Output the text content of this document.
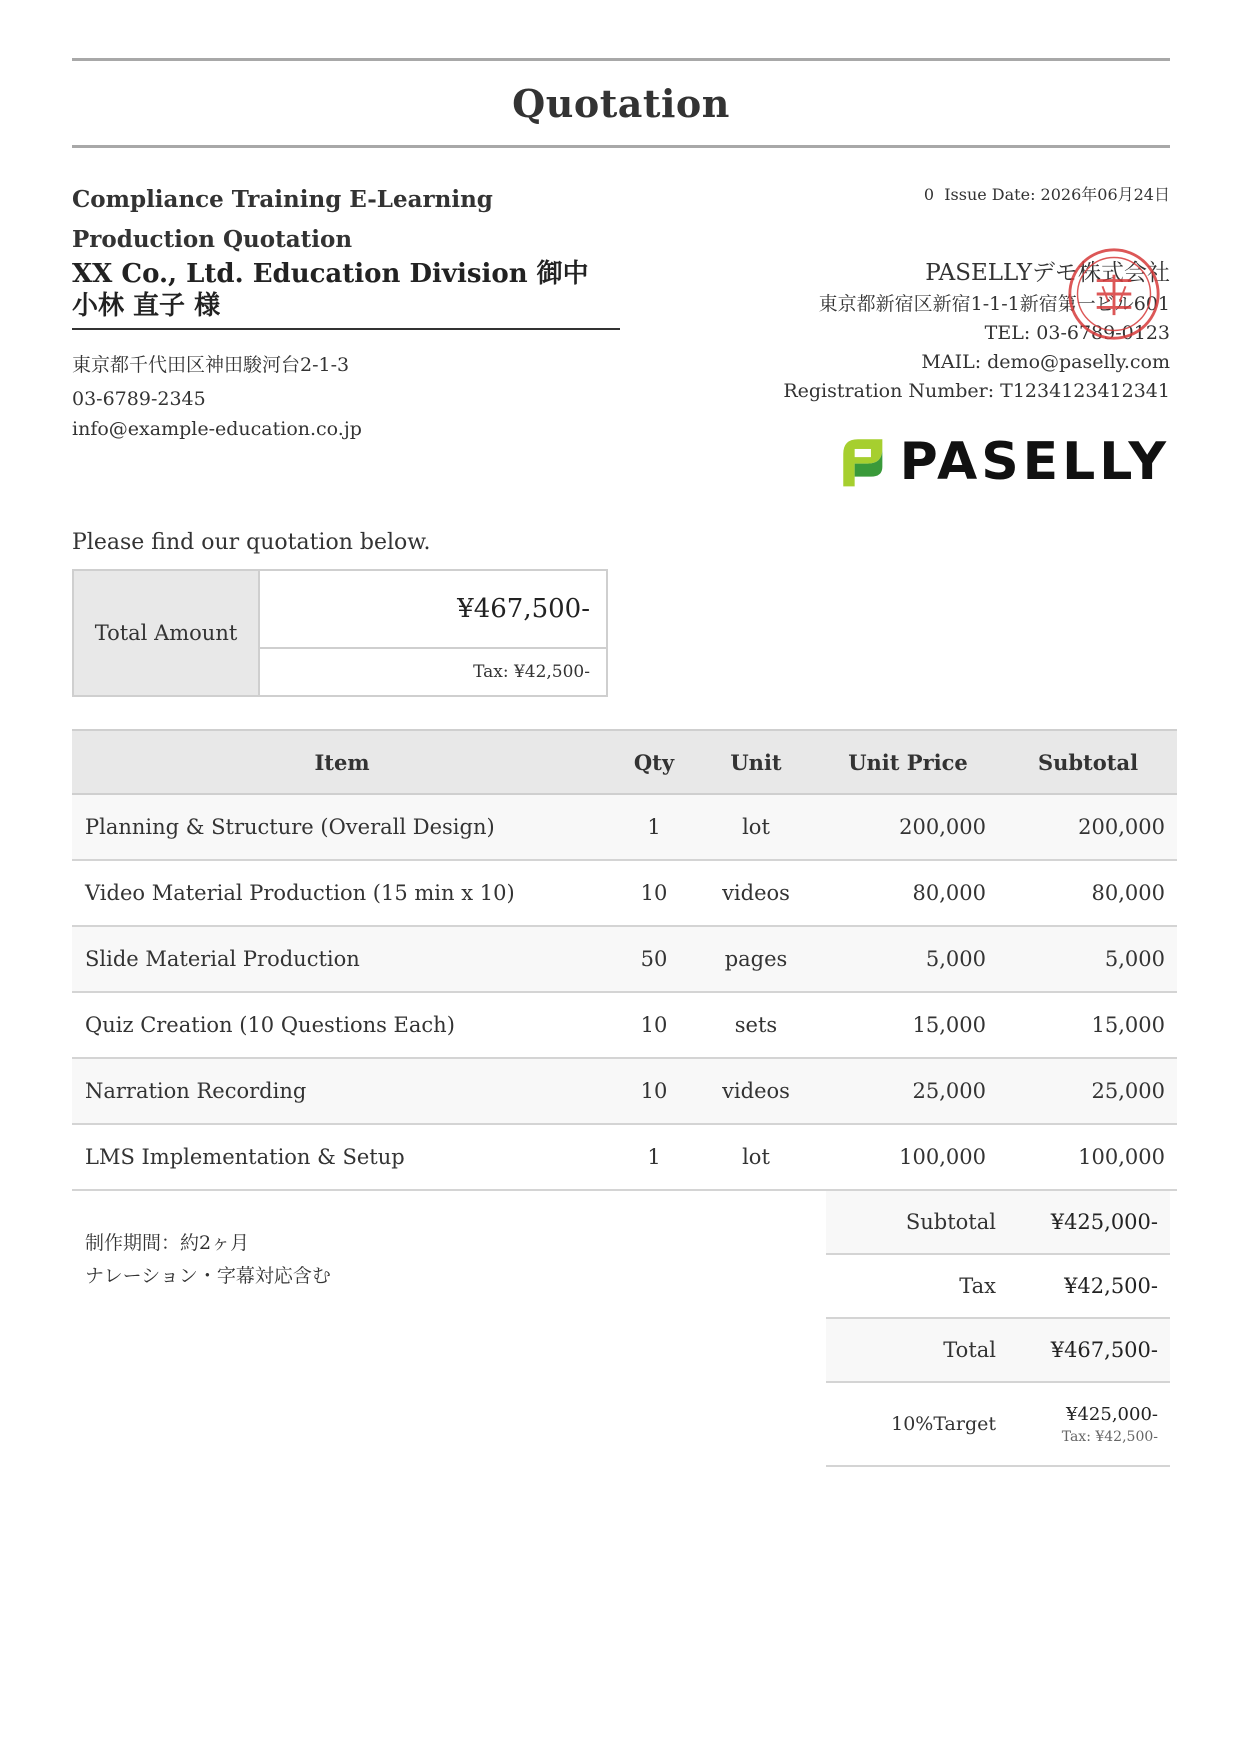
Quotation
Compliance Training E-Learning Production Quotation
XX Co., Ltd. Education Division 御中 小林 直子 様
東京都千代田区神田駿河台2-1-3
03-6789-2345
info@example-education.co.jp
0 Issue Date: 2026年06月24日
PASELLYデモ株式会社
東京都新宿区新宿1-1-1新宿第一ビル601
TEL: 03-6789-0123
MAIL: demo@paselly.com
Registration Number: T1234123412341
PASELLY
Please find our quotation below.
Total Amount
¥467,500-
Tax: ¥42,500-
Item	Qty	Unit	Unit Price	Subtotal
Planning & Structure (Overall Design)	1	lot	200,000	200,000
Video Material Production (15 min x 10)	10	videos	80,000	80,000
Slide Material Production	50	pages	5,000	5,000
Quiz Creation (10 Questions Each)	10	sets	15,000	15,000
Narration Recording	10	videos	25,000	25,000
LMS Implementation & Setup	1	lot	100,000	100,000
制作期間：約2ヶ月
ナレーション・字幕対応含む
Subtotal	¥425,000-
Tax	¥42,500-
Total	¥467,500-
10%Target	¥425,000-
Tax: ¥42,500-
